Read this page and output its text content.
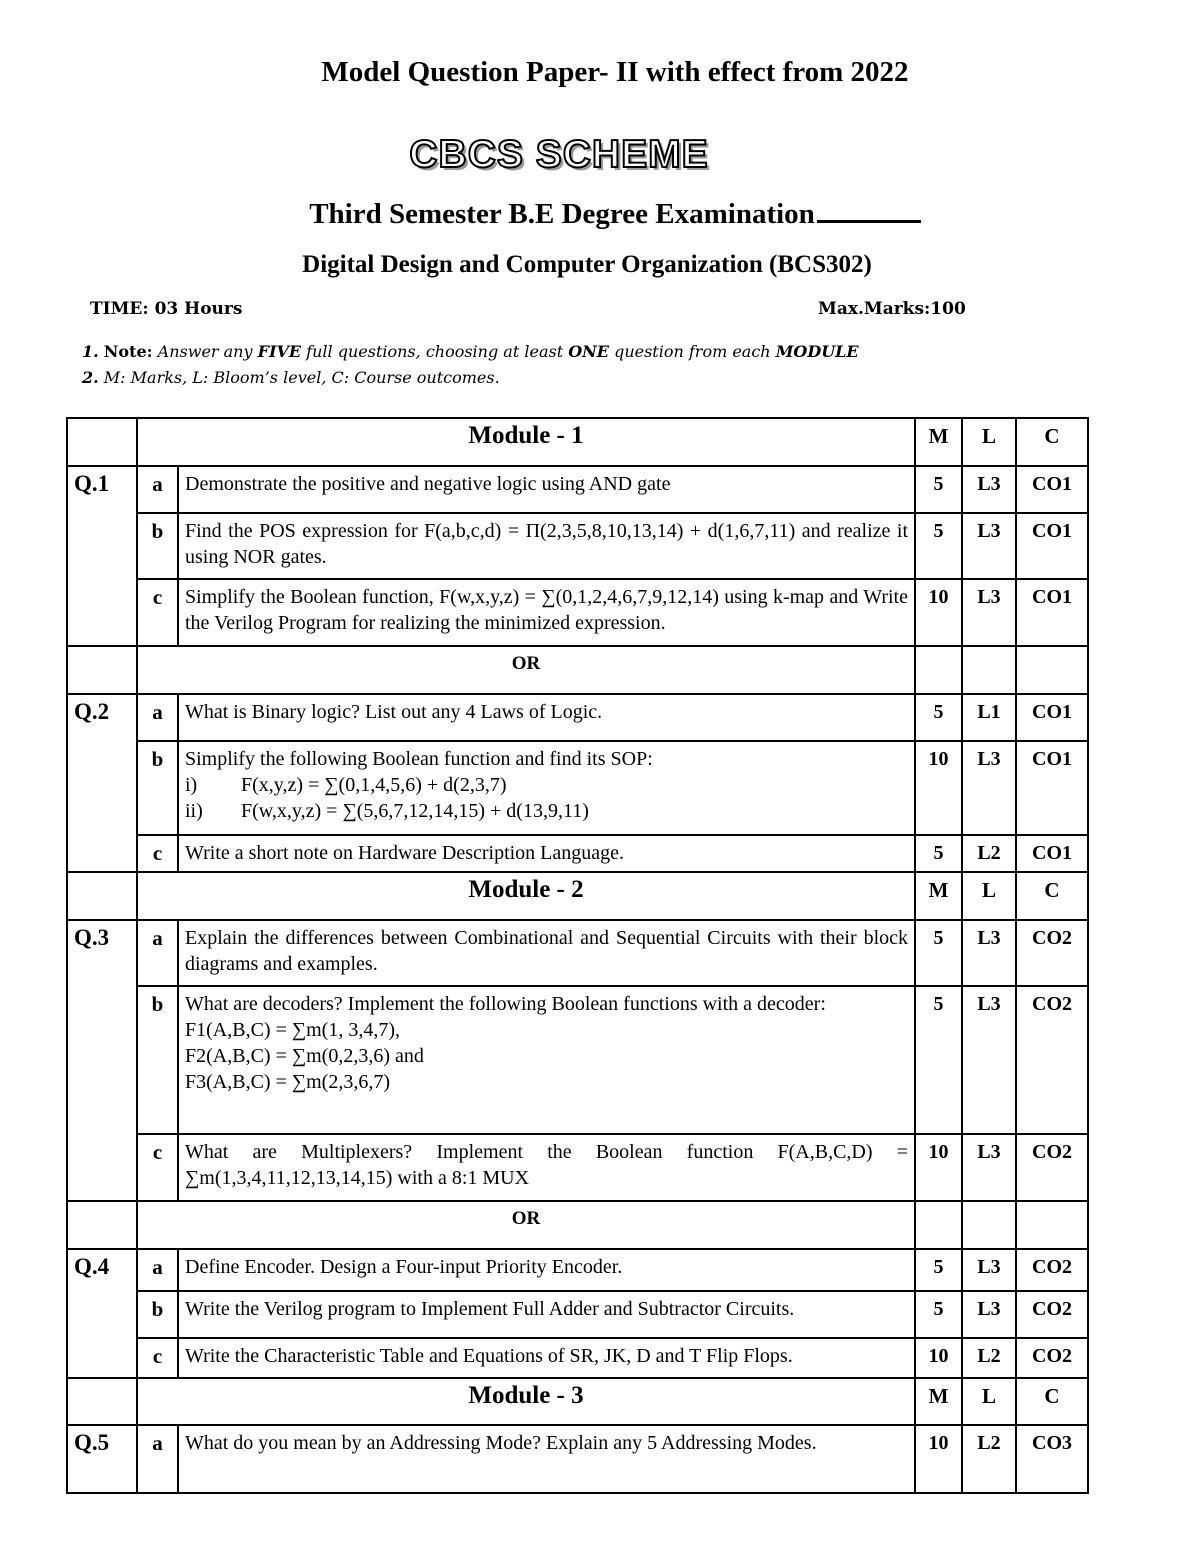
Model Question Paper- II with effect from 2022
CBCS SCHEME
Third Semester B.E Degree Examination
Digital Design and Computer Organization (BCS302)
TIME: 03 Hours	Max.Marks:100
1. Note: Answer any FIVE full questions, choosing at least ONE question from each MODULE
2. M: Marks, L: Bloom’s level, C: Course outcomes.
	Module - 1		M	L	C
Q.1	a	Demonstrate the positive and negative logic using AND gate	5	L3	CO1
	b	Find the POS expression for F(a,b,c,d) = Π(2,3,5,8,10,13,14) + d(1,6,7,11) and realize it using NOR gates.	5	L3	CO1
	c	Simplify the Boolean function, F(w,x,y,z) = ∑(0,1,2,4,6,7,9,12,14) using k-map and Write the Verilog Program for realizing the minimized expression.	10	L3	CO1
	OR				
Q.2	a	What is Binary logic? List out any 4 Laws of Logic.	5	L1	CO1
	b	Simplify the following Boolean function and find its SOP:
i) F(x,y,z) = ∑(0,1,4,5,6) + d(2,3,7)
ii) F(w,x,y,z) = ∑(5,6,7,12,14,15) + d(13,9,11)	10	L3	CO1
	c	Write a short note on Hardware Description Language.	5	L2	CO1
	Module - 2		M	L	C
Q.3	a	Explain the differences between Combinational and Sequential Circuits with their block diagrams and examples.	5	L3	CO2
	b	What are decoders? Implement the following Boolean functions with a decoder:
F1(A,B,C) = ∑m(1, 3,4,7),
F2(A,B,C) = ∑m(0,2,3,6) and
F3(A,B,C) = ∑m(2,3,6,7)	5	L3	CO2
	c	What are Multiplexers? Implement the Boolean function F(A,B,C,D) = ∑m(1,3,4,11,12,13,14,15) with a 8:1 MUX	10	L3	CO2
	OR				
Q.4	a	Define Encoder. Design a Four-input Priority Encoder.	5	L3	CO2
	b	Write the Verilog program to Implement Full Adder and Subtractor Circuits.	5	L3	CO2
	c	Write the Characteristic Table and Equations of SR, JK, D and T Flip Flops.	10	L2	CO2
	Module - 3		M	L	C
Q.5	a	What do you mean by an Addressing Mode? Explain any 5 Addressing Modes.	10	L2	CO3
